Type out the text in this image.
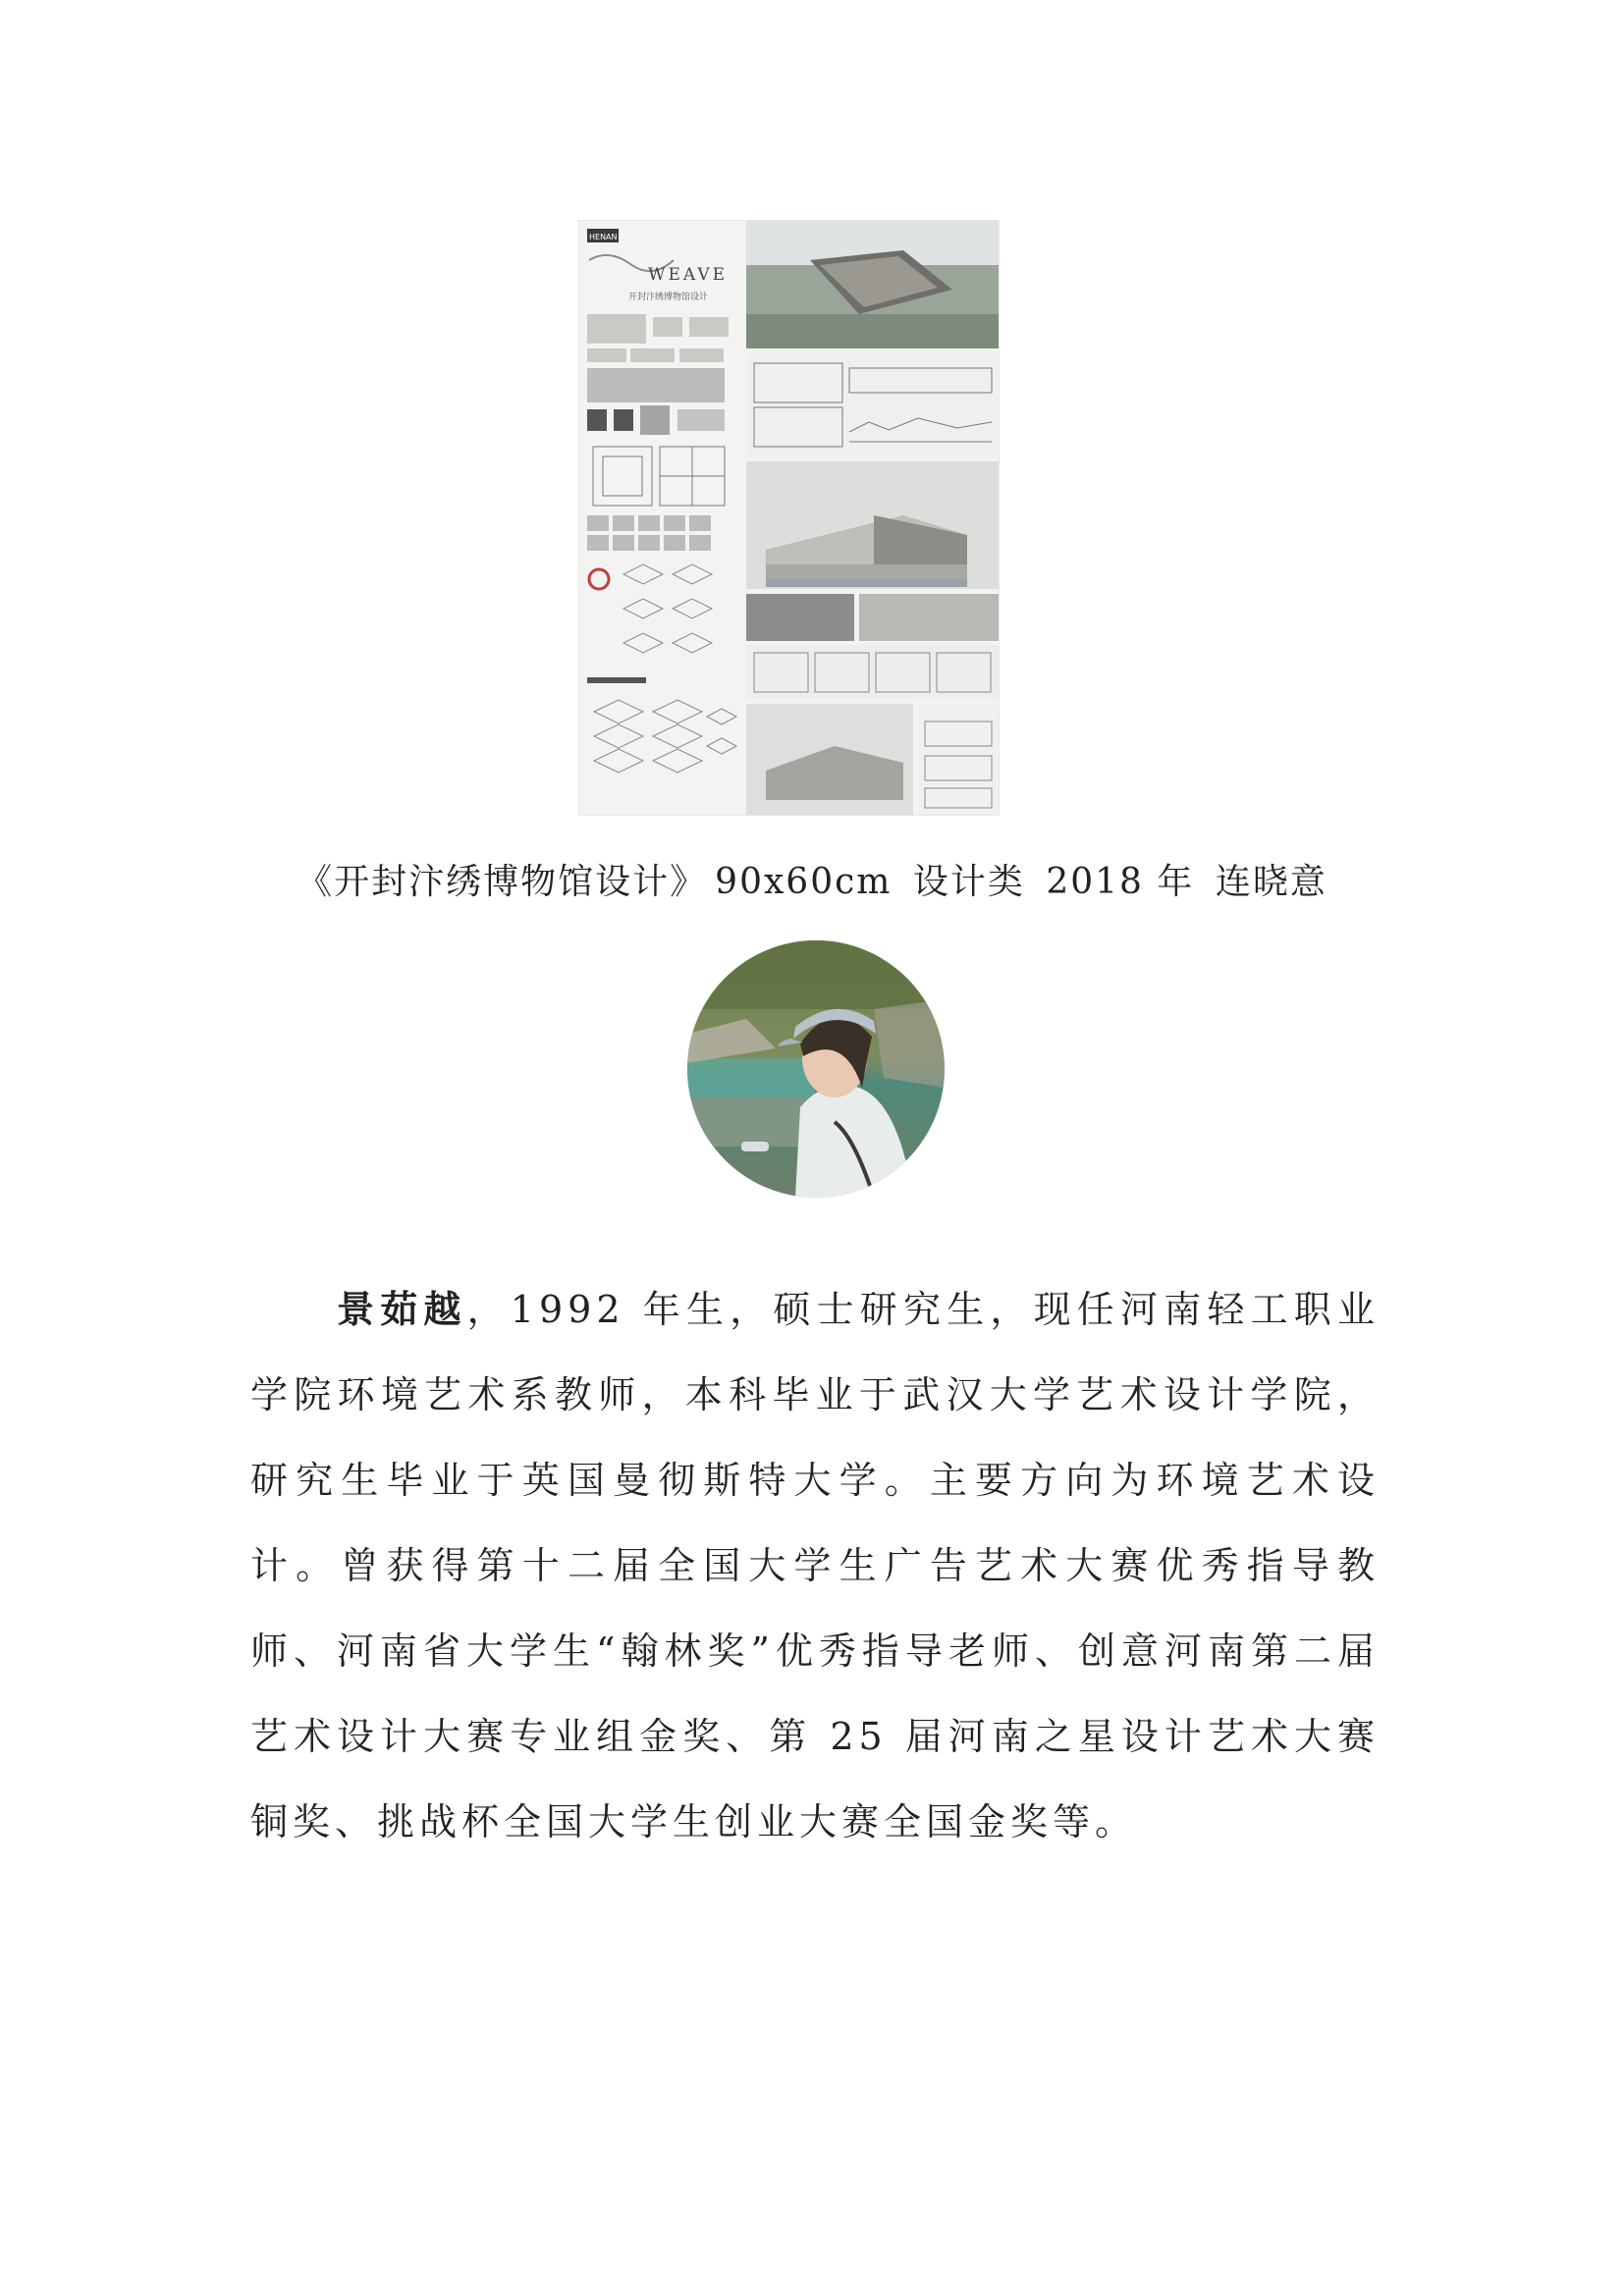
HENAN
WEAVE
开封汴绣博物馆设计
《开封汴绣博物馆设计》 90x60cm 设计类 2018 年 连晓意

景茹越，1992 年生，硕士研究生，现任河南轻工职业学院环境艺术系教师，本科毕业于武汉大学艺术设计学院，研究生毕业于英国曼彻斯特大学。主要方向为环境艺术设计。曾获得第十二届全国大学生广告艺术大赛优秀指导教师、河南省大学生“翰林奖”优秀指导老师、创意河南第二届艺术设计大赛专业组金奖、第 25 届河南之星设计艺术大赛铜奖、挑战杯全国大学生创业大赛全国金奖等。
